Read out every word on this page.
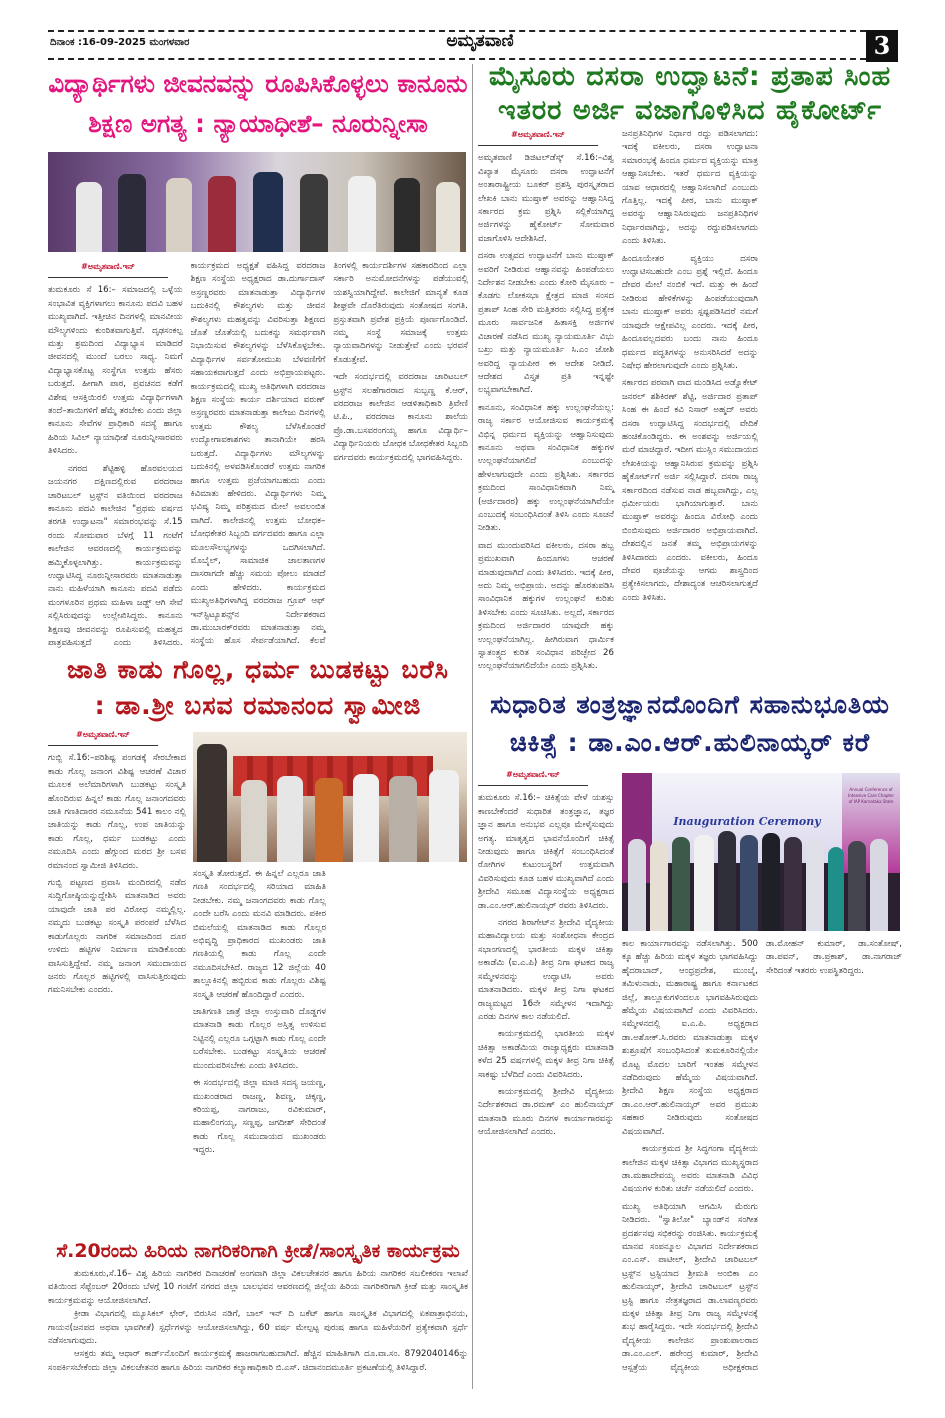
ದಿನಾಂಕ :16-09-2025 ಮಂಗಳವಾರ	ಅಮೃತವಾಣಿ	3
ವಿದ್ಯಾರ್ಥಿಗಳು ಜೀವನವನ್ನು ರೂಪಿಸಿಕೊಳ್ಳಲು ಕಾನೂನು
ಶಿಕ್ಷಣ ಅಗತ್ಯ : ನ್ಯಾಯಾಧೀಶೆ– ನೂರುನ್ನೀಸಾ
#ಅಮೃತವಾಣಿ.ಇನ್

ತುಮಕೂರು ಸೆ 16:– ಸಮಾಜದಲ್ಲಿ ಒಳ್ಳೆಯ ಸಂಭಾವಿತ ವ್ಯಕ್ತಿಗಳಾಗಲು ಕಾನೂನು ಪದವಿ ಬಹಳ ಮುಖ್ಯವಾಗಿದೆ. ಇತ್ತೀಚಿನ ದಿನಗಳಲ್ಲಿ ಮಾನವೀಯ ಮೌಲ್ಯಗಳಿಂದು ಕುಂಠಿತವಾಗುತ್ತಿವೆ. ದೃಢಸಂಕಲ್ಪ ಮತ್ತು ಶ್ರಮದಿಂದ ವಿದ್ಯಾಭ್ಯಾಸ ಮಾಡಿದರೆ ಜೀವನದಲ್ಲಿ ಮುಂದೆ ಬರಲು ಸಾಧ್ಯ. ನಿಮಗೆ ವಿದ್ಯಾಭ್ಯಾಸಕೊಟ್ಟ ಸಂಸ್ಥೆಗೂ ಉತ್ತಮ ಹೆಸರು ಬರುತ್ತದೆ. ಹೀಗಾಗಿ ಪಾಠ, ಪ್ರವಚನದ ಕಡೆಗೆ ವಿಶೇಷ ಆಸಕ್ತಿಯಿರಲಿ ಉತ್ತಮ ವಿದ್ಯಾರ್ಥಿಗಳಾಗಿ ತಂದೆ–ತಾಯಿಗಳಿಗೆ ಹೆಮ್ಮೆ ತರಬೇಕು ಎಂದು ಜಿಲ್ಲಾ ಕಾನೂನು ಸೇವೆಗಳ ಪ್ರಾಧಿಕಾರಿ ಸದಸ್ಯೆ ಹಾಗೂ ಹಿರಿಯ ಸಿವಿಲ್ ನ್ಯಾಯಾಧೀಶೆ ನೂರುನ್ನೀಸಾರವರು ತಿಳಿಸಿದರು.

ನಗರದ ಶೆಟ್ಟಿಹಳ್ಳಿ ಹೊರವಲಯದ ಜಯನಗರ ದಕ್ಷಿಣದಲ್ಲಿರುವ ವರದರಾಜ ಚಾರಿಟಬಲ್ ಟ್ರಸ್ಟ್‌ನ ವತಿಯಿಂದ ವರದರಾಜ ಕಾನೂನು ಪದವಿ ಕಾಲೇಜಿನ "ಪ್ರಥಮ ವರ್ಷದ ತರಗತಿ ಉದ್ಘಾಟನಾ" ಸಮಾರಂಭವನ್ನು ಸೆ.15 ರಂದು ಸೋಮವಾರ ಬೆಳಗ್ಗೆ 11 ಗಂಟೆಗೆ ಕಾಲೇಜಿನ ಆವರಣದಲ್ಲಿ ಕಾರ್ಯಕ್ರಮವನ್ನು ಹಮ್ಮಿಕೊಳ್ಳಲಾಗಿತ್ತು. ಕಾರ್ಯಕ್ರಮವನ್ನು ಉದ್ಘಾಟಿಸಿದ್ದ ನೂರುನ್ನೀಸಾರವರು ಮಾತನಾಡುತ್ತಾ ನಾನು ಮಹಿಳೆಯಾಗಿ ಕಾನೂನು ಪದವಿ ಪಡೆದು ಮಂಗಳೂರಿನ ಪ್ರಥಮ ಮಹಿಳಾ ಜಡ್ಜ್ ಆಗಿ ಸೇವೆ ಸಲ್ಲಿಸಿರುವುದನ್ನು ಉಲ್ಲೇಖಿಸಿದ್ದರು. ಕಾನೂನು ಶಿಕ್ಷಣವು ಜೀವನವನ್ನು ರೂಪಿಸುವಲ್ಲಿ ಮಹತ್ವದ ಪಾತ್ರವಹಿಸುತ್ತದೆ ಎಂದು ತಿಳಿಸಿದರು. ಕಾರ್ಯಕ್ರಮದ ಅಧ್ಯಕ್ಷತೆ ವಹಿಸಿದ್ದ ವರದರಾಜ ಶಿಕ್ಷಣ ಸಂಸ್ಥೆಯ ಅಧ್ಯಕ್ಷರಾದ ಡಾ.ದುರ್ಗಾದಾಸ್ ಅಸ್ರಣ್ಣರವರು ಮಾತನಾಡುತ್ತಾ ವಿದ್ಯಾರ್ಥಿಗಳ ಬದುಕಿನಲ್ಲಿ ಕೌಶಲ್ಯಗಳು ಮತ್ತು ಜೀವನ ಕೌಶಲ್ಯಗಳು ಮಹತ್ವವನ್ನು ವಿವರಿಸುತ್ತಾ ಶಿಕ್ಷಣದ ಜೊತೆ ಜೊತೆಯಲ್ಲಿ ಬದುಕನ್ನು ಸಮರ್ಥವಾಗಿ ನಿಭಾಯಿಸುವ ಕೌಶಲ್ಯಗಳನ್ನು ಬೆಳೆಸಿಕೊಳ್ಳಬೇಕು. ವಿದ್ಯಾರ್ಥಿಗಳ ಸರ್ವತೋಮುಖ ಬೆಳವಣಿಗೆಗೆ ಸಹಾಯಕವಾಗುತ್ತದೆ ಎಂದು ಅಭಿಪ್ರಾಯಪಟ್ಟರು. ಕಾರ್ಯಕ್ರಮದಲ್ಲಿ ಮುಖ್ಯ ಅತಿಥಿಗಳಾಗಿ ವರದರಾಜ ಶಿಕ್ಷಣ ಸಂಸ್ಥೆಯ ಕಾರ್ಯ ದರ್ಶಿಯಾದ ವರುಣ್ ಅಸ್ರಣ್ಣರವರು ಮಾತನಾಡುತ್ತಾ ಕಾಲೇಜು ದಿನಗಳಲ್ಲಿ ಉತ್ತಮ ಕೌಶಲ್ಯ ಬೆಳೆಸಿಕೊಂಡರೆ ಉದ್ಯೋಗಾವಕಾಶಗಳು ತಾನಾಗಿಯೇ ಹರಸಿ ಬರುತ್ತದೆ. ವಿದ್ಯಾರ್ಥಿಗಳು ಮೌಲ್ಯಗಳನ್ನು ಬದುಕಿನಲ್ಲಿ ಅಳವಡಿಸಿಕೊಂಡರೆ ಉತ್ತಮ ನಾಗರಿಕ ಹಾಗೂ ಉತ್ತಮ ಪ್ರಜೆಯಾಗಬಹುದು ಎಂದು ಕಿವಿಮಾತು ಹೇಳಿದರು. ವಿದ್ಯಾರ್ಥಿಗಳು ನಿಮ್ಮ ಭವಿಷ್ಯ ನಿಮ್ಮ ಪರಿಶ್ರಮದ ಮೇಲೆ ಅವಲಂಬಿತ ವಾಗಿದೆ. ಕಾಲೇಜಿನಲ್ಲಿ ಉತ್ತಮ ಬೋಧಕ–ಬೋಧಕೇತರ ಸಿಬ್ಬಂದಿ ವರ್ಗದವರು ಹಾಗೂ ಎಲ್ಲಾ ಮೂಲಸೌಲಭ್ಯಗಳನ್ನು ಒದಗಿಸಲಾಗಿದೆ. ಮೊಬೈಲ್, ಸಾಮಾಜಿಕ ಜಾಲತಾಣಗಳ ದಾಸರಾಗದೇ ಹೆಚ್ಚು ಸಮಯ ಪೋಲು ಮಾಡದೆ ಎಂದು ಹೇಳಿದರು. ಕಾರ್ಯಕ್ರಮದ ಮುಖ್ಯಅತಿಥಿಗಳಾಗಿದ್ದ ವರದರಾಜ ಗ್ರೂಪ್ ಆಫ್ ಇನ್‌ಸ್ಟಿಟ್ಯೂಶನ್ಸ್‌ನ ನಿರ್ದೇಶಕರಾದ ಡಾ.ಮುಬಾರಕ್‌ರವರು ಮಾತನಾಡುತ್ತಾ ನಮ್ಮ ಸಂಸ್ಥೆಯ ಹೊಸ ಸೇರ್ಪಡೆಯಾಗಿದೆ. ಕೆಲವೆ ತಿಂಗಳಲ್ಲಿ ಕಾರ್ಯದರ್ಶಿಗಳ ಸಹಕಾರದಿಂದ ಎಲ್ಲಾ ಸರ್ಕಾರಿ ಅನುಮೋದನೆಗಳನ್ನು ಪಡೆಯುವಲ್ಲಿ ಯಶಸ್ವಿಯಾಗಿದ್ದೇವೆ. ಕಾಲೇಜಿಗೆ ಮಾನ್ಯತೆ ಕೂಡ ಶೀಘ್ರವೇ ದೊರೆತಿರುವುದು ಸಂತೋಷದ ಸಂಗತಿ. ಪ್ರಸ್ತುತವಾಗಿ ಪ್ರವೇಶ ಪ್ರಕ್ರಿಯೆ ಪೂರ್ಣಗೊಂಡಿದೆ. ನಮ್ಮ ಸಂಸ್ಥೆ ಸಮಾಜಕ್ಕೆ ಉತ್ತಮ ನ್ಯಾಯವಾದಿಗಳನ್ನು ನೀಡುತ್ತೇವೆ ಎಂದು ಭರವಸೆ ಕೊಡುತ್ತೇವೆ.

ಇದೇ ಸಂದರ್ಭದಲ್ಲಿ ವರದರಾಜ ಚಾರಿಟಬಲ್ ಟ್ರಸ್ಟ್‌ನ ಸಲಹೆಗಾರರಾದ ಸುಬ್ಬಣ್ಣ ಕೆ.ಆರ್, ವರದರಾಜ ಕಾಲೇಜಿನ ಆಡಳಿತಾಧಿಕಾರಿ ತ್ರಿವೇಣಿ ಟಿ.ಪಿ., ವರದರಾಜ ಕಾನೂನು ಶಾಲೆಯ ಪ್ರೊ.ಡಾ.ಬಸವರಂಗಯ್ಯ ಹಾಗೂ ವಿದ್ಯಾರ್ಥಿ– ವಿದ್ಯಾರ್ಥಿನಿಯರು ಬೋಧಕ ಬೋಧಕೇತರ ಸಿಬ್ಬಂದಿ ವರ್ಗದವರು ಕಾರ್ಯಕ್ರಮದಲ್ಲಿ ಭಾಗವಹಿಸಿದ್ದರು.

ಜಾತಿ ಕಾಡು ಗೊಲ್ಲ, ಧರ್ಮ ಬುಡಕಟ್ಟು ಬರೆಸಿ
: ಡಾ.ಶ್ರೀ ಬಸವ ರಮಾನಂದ ಸ್ವಾಮೀಜಿ
#ಅಮೃತವಾಣಿ.ಇನ್

ಗುಬ್ಬಿ ಸೆ.16:–ಪರಿಶಿಷ್ಟ ಪಂಗಡಕ್ಕೆ ಸೇರಬೇಕಾದ ಕಾಡು ಗೊಲ್ಲ ಜನಾಂಗ ವಿಶಿಷ್ಟ ಆಚರಣೆ ವಿಚಾರ ಮೂಲಕ ಅಲೆಮಾರಿಗಳಾಗಿ ಬುಡಕಟ್ಟು ಸಂಸ್ಕೃತಿ ಹೊಂದಿರುವ ಹಿನ್ನಲೆ ಕಾಡು ಗೊಲ್ಲ ಜನಾಂಗದವರು ಜಾತಿ ಗಣತಿದಾರರ ನಮೂನೆಯ 541 ಕಾಲಂ ನಲ್ಲಿ ಜಾತಿಯನ್ನು ಕಾಡು ಗೊಲ್ಲ, ಉಪ ಜಾತಿಯನ್ನು ಕಾಡು ಗೊಲ್ಲ, ಧರ್ಮ ಬುಡಕಟ್ಟು ಎಂದು ನಮೂದಿಸಿ ಎಂದು ಹೆಗ್ಗುಂದ ಮಠದ ಶ್ರೀ ಬಸವ ರಮಾನಂದ ಸ್ವಾಮೀಜಿ ತಿಳಿಸಿದರು.

ಗುಬ್ಬಿ ಪಟ್ಟಣದ ಪ್ರವಾಸಿ ಮಂದಿರದಲ್ಲಿ ನಡೆದ ಸುದ್ದಿಗೋಷ್ಠಿಯನ್ನುದ್ದೇಶಿಸಿ ಮಾತನಾಡಿದ ಅವರು ಯಾವುದೇ ಜಾತಿ ಪರ ವಿರೋಧ ನಮ್ಮಲ್ಲಿಲ್ಲ. ನಮ್ಮದು ಬುಡಕಟ್ಟು ಸಂಸ್ಕೃತಿ ಪರಂಪರೆ ಬೆಳೆಸಿದ ಕಾಡುಗೊಲ್ಲರು ನಾಗರಿಕ ಸಮಾಜದಿಂದ ದೂರ ಉಳಿದು ಹಟ್ಟಿಗಳ ನಿರ್ಮಾಣ ಮಾಡಿಕೊಂಡು ವಾಸಿಸುತ್ತಿದ್ದೇವೆ. ನಮ್ಮ ಜನಾಂಗ ಸಮುದಾಯದ ಜನರು ಗೊಲ್ಲರ ಹಟ್ಟಿಗಳಲ್ಲಿ ವಾಸಿಸುತ್ತಿರುವುದು ಗಮನಿಸಬೇಕು ಎಂದರು.

ಸಂಸ್ಕೃತಿ ತೋರುತ್ತದೆ. ಈ ಹಿನ್ನಲೆ ಎಲ್ಲರೂ ಜಾತಿ ಗಣತಿ ಸಂದರ್ಭದಲ್ಲಿ ಸರಿಯಾದ ಮಾಹಿತಿ ನೀಡಬೇಕು. ನಮ್ಮ ಜನಾಂಗದವರು ಕಾಡು ಗೊಲ್ಲ ಎಂದೇ ಬರೆಸಿ ಎಂದು ಮನವಿ ಮಾಡಿದರು. ಪಕೀರ ಬಿಮಲೆಯಲ್ಲಿ ಮಾತನಾಡಿದ ಕಾಡು ಗೊಲ್ಲರ ಅಭಿವೃದ್ಧಿ ಪ್ರಾಧಿಕಾರದ ಮುಖಂಡರು ಜಾತಿ ಗಣತಿಯಲ್ಲಿ ಕಾಡು ಗೊಲ್ಲ ಎಂದೇ ನಮೂದಿಸಬೇಕಿದೆ. ರಾಜ್ಯದ 12 ಜಿಲ್ಲೆಯ 40 ತಾಲ್ಲೂಕಿನಲ್ಲಿ ಹಬ್ಬಿರುವ ಕಾಡು ಗೊಲ್ಲರು ವಿಶಿಷ್ಟ ಸಂಸ್ಕೃತಿ ಆಚರಣೆ ಹೊಂದಿದ್ದಾರೆ ಎಂದರು.

ಜಾತಿಗಣತಿ ಜಾತ್ರೆ ಜಿಲ್ಲಾ ಉಸ್ತುವಾರಿ ದೊಡ್ಡಗಳ ಮಾತನಾಡಿ ಕಾಡು ಗೊಲ್ಲರ ಅಸ್ತಿತ್ವ ಉಳಿಸುವ ನಿಟ್ಟಿನಲ್ಲಿ ಎಲ್ಲರೂ ಒಗ್ಗಟ್ಟಾಗಿ ಕಾಡು ಗೊಲ್ಲ ಎಂದೇ ಬರೆಸಬೇಕು. ಬುಡಕಟ್ಟು ಸಂಸ್ಕೃತಿಯ ಆಚರಣೆ ಮುಂದುವರಿಸಬೇಕು ಎಂದು ತಿಳಿಸಿದರು.

ಈ ಸಂದರ್ಭದಲ್ಲಿ ಜಿಲ್ಲಾ ಮಾಜಿ ಸದಸ್ಯ ಜಯಣ್ಣ, ಮುಖಂಡರಾದ ರಾಜಣ್ಣ, ಶಿವಣ್ಣ, ಚಿಕ್ಕಣ್ಣ, ಕರಿಯಪ್ಪ, ನಾಗರಾಜು, ರವಿಕುಮಾರ್, ಮಹಾಲಿಂಗಯ್ಯ, ಸಣ್ಣಪ್ಪ, ಜಗದೀಶ್ ಸೇರಿದಂತೆ ಕಾಡು ಗೊಲ್ಲ ಸಮುದಾಯದ ಮುಖಂಡರು ಇದ್ದರು.

ಸೆ.20ರಂದು ಹಿರಿಯ ನಾಗರಿಕರಿಗಾಗಿ ಕ್ರೀಡೆ/ಸಾಂಸ್ಕೃತಿಕ ಕಾರ್ಯಕ್ರಮ

ತುಮಕೂರು,ಸೆ.16– ವಿಶ್ವ ಹಿರಿಯ ನಾಗರಿಕರ ದಿನಾಚರಣೆ ಅಂಗವಾಗಿ ಜಿಲ್ಲಾ ವಿಕಲಚೇತನರ ಹಾಗೂ ಹಿರಿಯ ನಾಗರಿಕರ ಸಬಲೀಕರಣ ಇಲಾಖೆ ವತಿಯಿಂದ ಸೆಪ್ಟೆಂಬರ್ 20ರಂದು ಬೆಳಗ್ಗೆ 10 ಗಂಟೆಗೆ ನಗರದ ಜಿಲ್ಲಾ ಬಾಲಭವನ ಆವರಣದಲ್ಲಿ ಜಿಲ್ಲೆಯ ಹಿರಿಯ ನಾಗರಿಕರಿಗಾಗಿ ಕ್ರೀಡೆ ಮತ್ತು ಸಾಂಸ್ಕೃತಿಕ ಕಾರ್ಯಕ್ರಮವನ್ನು ಆಯೋಜಿಸಲಾಗಿದೆ.

ಕ್ರೀಡಾ ವಿಭಾಗದಲ್ಲಿ ಮ್ಯೂಸಿಕಲ್ ಛೇರ್, ಬಿರುಸಿನ ನಡಿಗೆ, ಬಾಲ್ ಇನ್ ದಿ ಬಕೆಟ್ ಹಾಗೂ ಸಾಂಸ್ಕೃತಿಕ ವಿಭಾಗದಲ್ಲಿ ಏಕಪಾತ್ರಾಭಿನಯ, ಗಾಯನ(ಜನಪದ ಅಥವಾ ಭಾವಗೀತೆ) ಸ್ಪರ್ಧೆಗಳನ್ನು ಆಯೋಜಿಸಲಾಗಿದ್ದು, 60 ವರ್ಷ ಮೇಲ್ಪಟ್ಟ ಪುರುಷ ಹಾಗೂ ಮಹಿಳೆಯರಿಗೆ ಪ್ರತ್ಯೇಕವಾಗಿ ಸ್ಪರ್ಧೆ ನಡೆಸಲಾಗುವುದು.

ಆಸಕ್ತರು ತಮ್ಮ ಆಧಾರ್ ಕಾರ್ಡ್‌ನೊಂದಿಗೆ ಕಾರ್ಯಕ್ರಮಕ್ಕೆ ಹಾಜರಾಗಬಹುದಾಗಿದೆ. ಹೆಚ್ಚಿನ ಮಾಹಿತಿಗಾಗಿ ದೂ.ವಾ.ಸಂ. 8792040146ನ್ನು ಸಂಪರ್ಕಿಸಬೇಕೆಂದು ಜಿಲ್ಲಾ ವಿಕಲಚೇತನರ ಹಾಗೂ ಹಿರಿಯ ನಾಗರಿಕರ ಕಲ್ಯಾಣಾಧಿಕಾರಿ ಬಿ.ಎಸ್. ಚಿದಾನಂದಮೂರ್ತಿ ಪ್ರಕಟಣೆಯಲ್ಲಿ ತಿಳಿಸಿದ್ದಾರೆ.

ಮೈಸೂರು ದಸರಾ ಉದ್ಘಾಟನೆ: ಪ್ರತಾಪ ಸಿಂಹ
ಇತರರ ಅರ್ಜಿ ವಜಾಗೊಳಿಸಿದ ಹೈಕೋರ್ಟ್
#ಅಮೃತವಾಣಿ.ಇನ್

ಅಮೃತವಾಣಿ ಡಿಜಿಟಲ್‌ಡೆಸ್ಕ್ ಸೆ.16:–ವಿಶ್ವ ವಿಖ್ಯಾತ ಮೈಸೂರು ದಸರಾ ಉದ್ಘಾಟನೆಗೆ ಅಂತಾರಾಷ್ಟ್ರೀಯ ಬೂಕರ್ ಪ್ರಶಸ್ತಿ ಪುರಸ್ಕೃತರಾದ ಲೇಖಕಿ ಬಾನು ಮುಷ್ತಾಕ್ ಅವರನ್ನು ಆಹ್ವಾನಿಸಿದ್ದ ಸರ್ಕಾರದ ಕ್ರಮ ಪ್ರಶ್ನಿಸಿ ಸಲ್ಲಿಕೆಯಾಗಿದ್ದ ಅರ್ಜಿಗಳನ್ನು ಹೈಕೋರ್ಟ್ ಸೋಮವಾರ ವಜಾಗೊಳಿಸಿ ಆದೇಶಿಸಿದೆ.

ದಸರಾ ಉತ್ಸವದ ಉದ್ಘಾಟನೆಗೆ ಬಾನು ಮುಷ್ತಾಕ್ ಅವರಿಗೆ ನೀಡಿರುವ ಆಹ್ವಾನವನ್ನು ಹಿಂಪಡೆಯಲು ನಿರ್ದೇಶನ ನೀಡಬೇಕು ಎಂದು ಕೋರಿ ಮೈಸೂರು – ಕೊಡಗು ಲೋಕಸಭಾ ಕ್ಷೇತ್ರದ ಮಾಜಿ ಸಂಸದ ಪ್ರತಾಪ್ ಸಿಂಹ ಸೇರಿ ಮತ್ತಿತರರು ಸಲ್ಲಿಸಿದ್ದ ಪ್ರತ್ಯೇಕ ಮೂರು ಸಾರ್ವಜನಿಕ ಹಿತಾಸಕ್ತಿ ಅರ್ಜಿಗಳ ವಿಚಾರಣೆ ನಡೆಸಿದ ಮುಖ್ಯ ನ್ಯಾಯಮೂರ್ತಿ ವಿಭು ಬಖ್ರು ಮತ್ತು ನ್ಯಾಯಮೂರ್ತಿ ಸಿ.ಎಂ ಜೋಶಿ ಅವರಿದ್ದ ನ್ಯಾಯಪೀಠ ಈ ಆದೇಶ ನೀಡಿದೆ. ಆದೇಶದ ವಿಸ್ತೃತ ಪ್ರತಿ ಇನ್ನಷ್ಟೇ ಲಭ್ಯವಾಗಬೇಕಾಗಿದೆ.

ಕಾನೂನು, ಸಂವಿಧಾನಿಕ ಹಕ್ಕು ಉಲ್ಲಂಘನೆಯಲ್ಲ: ರಾಜ್ಯ ಸರ್ಕಾರ ಆಯೋಜಿಸುವ ಕಾರ್ಯಕ್ರಮಕ್ಕೆ ವಿಭಿನ್ನ ಧರ್ಮದ ವ್ಯಕ್ತಿಯನ್ನು ಆಹ್ವಾನಿಸುವುದು ಕಾನೂನು ಅಥವಾ ಸಂವಿಧಾನಿಕ ಹಕ್ಕುಗಳ ಉಲ್ಲಂಘನೆಯಾಗಲಿದೆ ಎಂಬುದನ್ನು ಹೇಳಲಾಗುವುದೇ ಎಂದು ಪ್ರಶ್ನಿಸಿತು. ಸರ್ಕಾರದ ಕ್ರಮದಿಂದ ಸಾಂವಿಧಾನಿಕವಾಗಿ ನಿಮ್ಮ (ಅರ್ಜಿದಾರರ) ಹಕ್ಕು ಉಲ್ಲಂಘನೆಯಾಗಿವೆಯೇ ಎಂಬುದಕ್ಕೆ ಸಂಬಂಧಿಸಿದಂತೆ ತಿಳಿಸಿ ಎಂದು ಸೂಚನೆ ನೀಡಿತು.

ವಾದ ಮುಂದುವರಿಸಿದ ವಕೀಲರು, ದಸರಾ ಹಬ್ಬ ಪ್ರಮುಖವಾಗಿ ಹಿಂದೂಗಳು ಆಚರಣೆ ಮಾಡುವುದಾಗಿದೆ ಎಂದು ತಿಳಿಸಿದರು. ಇದಕ್ಕೆ ಪೀಠ, ಅದು ನಿಮ್ಮ ಅಭಿಪ್ರಾಯ. ಅದನ್ನು ಹೊರತುಪಡಿಸಿ ಸಾಂವಿಧಾನಿಕ ಹಕ್ಕುಗಳ ಉಲ್ಲಂಘನೆ ಕುರಿತು ತಿಳಿಸಬೇಕು ಎಂದು ಸೂಚಿಸಿತು. ಅಲ್ಲದೆ, ಸರ್ಕಾರದ ಕ್ರಮದಿಂದ ಅರ್ಜಿದಾರರ ಯಾವುದೇ ಹಕ್ಕು ಉಲ್ಲಂಘನೆಯಾಗಿಲ್ಲ. ಹೀಗಿರುವಾಗ ಧಾರ್ಮಿಕ ಸ್ವಾತಂತ್ರ್ಯದ ಕುರಿತ ಸಂವಿಧಾನ ಪರಿಚ್ಛೇದ 26 ಉಲ್ಲಂಘನೆಯಾಗಲಿದೆಯೇ ಎಂದು ಪ್ರಶ್ನಿಸಿತು.

ಜನಪ್ರತಿನಿಧಿಗಳ ನಿರ್ಧಾರ ರದ್ದು ಪಡಿಸಲಾಗದು: ಇದಕ್ಕೆ ವಕೀಲರು, ದಸರಾ ಉದ್ಘಾಟನಾ ಸಮಾರಂಭಕ್ಕೆ ಹಿಂದೂ ಧರ್ಮದ ವ್ಯಕ್ತಿಯನ್ನು ಮಾತ್ರ ಆಹ್ವಾನಿಸಬೇಕು. ಇತರೆ ಧರ್ಮದ ವ್ಯಕ್ತಿಯನ್ನು ಯಾವ ಆಧಾರದಲ್ಲಿ ಆಹ್ವಾನಿಸಲಾಗಿದೆ ಎಂಬುದು ಗೊತ್ತಿಲ್ಲ. ಇದಕ್ಕೆ ಪೀಠ, ಬಾನು ಮುಷ್ತಾಕ್ ಅವರನ್ನು ಆಹ್ವಾನಿಸಿರುವುದು ಜನಪ್ರತಿನಿಧಿಗಳ ನಿರ್ಧಾರವಾಗಿದ್ದು, ಅದನ್ನು ರದ್ದುಪಡಿಸಲಾಗದು ಎಂದು ತಿಳಿಸಿತು.

ಹಿಂದೂಯೇತರ ವ್ಯಕ್ತಿಯು ದಸರಾ ಉದ್ಘಾಟಿಸಬಹುದೇ ಎಂಬ ಪ್ರಶ್ನೆ ಇಲ್ಲಿದೆ. ಹಿಂದೂ ದೇವರ ಮೇಲೆ ನಂಬಿಕೆ ಇದೆ. ಮತ್ತು ಈ ಹಿಂದೆ ನೀಡಿರುವ ಹೇಳಿಕೆಗಳನ್ನು ಹಿಂಪಡೆಯುವುದಾಗಿ ಬಾನು ಮುಷ್ತಾಕ್ ಅವರು ಸ್ಪಷ್ಟಪಡಿಸಿದರೆ ನಮಗೆ ಯಾವುದೇ ಆಕ್ಷೇಪವಿಲ್ಲ ಎಂದರು. ಇದಕ್ಕೆ ಪೀಠ, ಹಿಂದೂವಲ್ಲದವರು ಬಂದು ನಾನು ಹಿಂದೂ ಧರ್ಮದ ಪದ್ಧತಿಗಳನ್ನು ಅನುಸರಿಸಿದರೆ ಅದನ್ನು ನಿಷೇಧ ಹೇರಲಾಗುವುದೇ ಎಂದು ಪ್ರಶ್ನಿಸಿತು.

ಸರ್ಕಾರದ ಪರವಾಗಿ ವಾದ ಮಂಡಿಸಿದ ಅಡ್ವೊಕೇಟ್ ಜನರಲ್ ಶಶಿಕಿರಣ್ ಶೆಟ್ಟಿ, ಅರ್ಜಿದಾರ ಪ್ರತಾಪ್ ಸಿಂಹ ಈ ಹಿಂದೆ ಕವಿ ನಿಸಾರ್ ಅಹ್ಮದ್ ಅವರು ದಸರಾ ಉದ್ಘಾಟಿಸಿದ್ದ ಸಂದರ್ಭದಲ್ಲಿ ವೇದಿಕೆ ಹಂಚಿಕೊಂಡಿದ್ದರು. ಈ ಅಂಶವನ್ನು ಅರ್ಜಿಯಲ್ಲಿ ಮರೆ ಮಾಚಿದ್ದಾರೆ. ಇದೀಗ ಮುಸ್ಲಿಂ ಸಮುದಾಯದ ಲೇಖಕಿಯನ್ನು ಆಹ್ವಾನಿಸಿರುವ ಕ್ರಮವನ್ನು ಪ್ರಶ್ನಿಸಿ ಹೈಕೋರ್ಟ್‌ಗೆ ಅರ್ಜಿ ಸಲ್ಲಿಸಿದ್ದಾರೆ. ದಸರಾ ರಾಜ್ಯ ಸರ್ಕಾರದಿಂದ ನಡೆಸುವ ನಾಡ ಹಬ್ಬವಾಗಿದ್ದು, ಎಲ್ಲ ಧರ್ಮೀಯರು ಭಾಗಿಯಾಗುತ್ತಾರೆ. ಬಾನು ಮುಷ್ತಾಕ್ ಅವರನ್ನು ಹಿಂದೂ ವಿರೋಧಿ ಎಂದು ಬಿಂಬಿಸುವುದು ಅರ್ಜಿದಾರರ ಅಭಿಪ್ರಾಯವಾಗಿದೆ. ದೇಶದಲ್ಲಿನ ಜನತೆ ತಮ್ಮ ಅಭಿಪ್ರಾಯಗಳನ್ನು ತಿಳಿಸಿದಾರದು ಎಂದರು. ವಕೀಲರು, ಹಿಂದೂ ದೇವರ ಪೂಜೆಯನ್ನು ಆಗಮ ಶಾಸ್ತ್ರದಿಂದ ಪ್ರತ್ಯೇಕಿಸಲಾಗದು, ದೇಶಾದ್ಯಂತ ಆಚರಿಸಲಾಗುತ್ತದೆ ಎಂದು ತಿಳಿಸಿತು.

ಸುಧಾರಿತ ತಂತ್ರಜ್ಞಾನದೊಂದಿಗೆ ಸಹಾನುಭೂತಿಯ
ಚಿಕಿತ್ಸೆ : ಡಾ.ಎಂ.ಆರ್.ಹುಲಿನಾಯ್ಕರ್ ಕರೆ
#ಅಮೃತವಾಣಿ.ಇನ್

ತುಮಕೂರು ಸೆ.16:– ಚಿಕಿತ್ಸೆಯ ವೇಳೆ ಯಶಸ್ಸು ಕಾಣಬೇಕೆಂದರೆ ಸುಧಾರಿತ ತಂತ್ರಜ್ಞಾನ, ತಜ್ಞರ ಜ್ಞಾನ ಹಾಗೂ ಅನುಭವ ಎಲ್ಲವೂ ಮೇಳೈಸುವುದು ಅಗತ್ಯ. ಮಾತೃತ್ವದ ಭಾವನೆಯೊಂದಿಗೆ ಚಿಕಿತ್ಸೆ ನೀಡುವುದು ಹಾಗೂ ಚಿಕಿತ್ಸೆಗೆ ಸಂಬಂಧಿಸಿದಂತೆ ರೋಗಿಗಳ ಕುಟುಂಬಸ್ಥರಿಗೆ ಉತ್ತಮವಾಗಿ ವಿವರಿಸುವುದು ಕೂಡ ಬಹಳ ಮುಖ್ಯವಾಗಿದೆ ಎಂದು ಶ್ರೀದೇವಿ ಸಮೂಹ ವಿದ್ಯಾಸಂಸ್ಥೆಯ ಅಧ್ಯಕ್ಷರಾದ ಡಾ.ಎಂ.ಆರ್.ಹುಲಿನಾಯ್ಕರ್ ರವರು ತಿಳಿಸಿದರು.

ನಗರದ ಶಿರಾಗೇಟ್‌ನ ಶ್ರೀದೇವಿ ವೈದ್ಯಕೀಯ ಮಹಾವಿದ್ಯಾಲಯ ಮತ್ತು ಸಂಶೋಧನಾ ಕೇಂದ್ರದ ಸಭಾಂಗಣದಲ್ಲಿ ಭಾರತೀಯ ಮಕ್ಕಳ ಚಿಕಿತ್ಸಾ ಅಕಾಡೆಮಿ (ಐ.ಎ.ಪಿ) ತೀವ್ರ ನಿಗಾ ಘಟಕದ ರಾಜ್ಯ ಸಮ್ಮೇಳನವನ್ನು ಉದ್ಘಾಟಿಸಿ ಅವರು ಮಾತನಾಡಿದರು. ಮಕ್ಕಳ ತೀವ್ರ ನಿಗಾ ಘಟಕದ ರಾಜ್ಯಮಟ್ಟದ 16ನೇ ಸಮ್ಮೇಳನ ಇದಾಗಿದ್ದು ಎರಡು ದಿನಗಳ ಕಾಲ ನಡೆಯಲಿದೆ.

ಕಾರ್ಯಕ್ರಮದಲ್ಲಿ ಭಾರತೀಯ ಮಕ್ಕಳ ಚಿಕಿತ್ಸಾ ಅಕಾಡೆಮಿಯ ರಾಜ್ಯಾಧ್ಯಕ್ಷರು ಮಾತನಾಡಿ ಕಳೆದ 25 ವರ್ಷಗಳಲ್ಲಿ ಮಕ್ಕಳ ತೀವ್ರ ನಿಗಾ ಚಿಕಿತ್ಸೆ ಸಾಕಷ್ಟು ಬೆಳೆದಿದೆ ಎಂದು ವಿವರಿಸಿದರು.

ಕಾರ್ಯಕ್ರಮದಲ್ಲಿ ಶ್ರೀದೇವಿ ವೈದ್ಯಕೀಯ ನಿರ್ದೇಶಕರಾದ ಡಾ.ರಮಣ್ ಎಂ ಹುಲಿನಾಯ್ಕರ್ ಮಾತನಾಡಿ ಮೂರು ದಿನಗಳ ಕಾರ್ಯಾಗಾರವನ್ನು ಆಯೋಜಿಸಲಾಗಿದೆ ಎಂದರು.

Annual Conference of Intensive Care Chapter of IAP Karnataka State
Inauguration Ceremony

ಕಾಲ ಕಾರ್ಯಾಗಾರವನ್ನು ನಡೆಸಲಾಗಿತ್ತು. 500 ಕ್ಕೂ ಹೆಚ್ಚು ಹಿರಿಯ ಮಕ್ಕಳ ತಜ್ಞರು ಭಾಗವಹಿಸಿದ್ದು ಹೈದರಾಬಾದ್, ಆಂಧ್ರಪ್ರದೇಶ, ಮುಂಬೈ, ತಮಿಳುನಾಡು, ಮಹಾರಾಷ್ಟ್ರ ಹಾಗೂ ಕರ್ನಾಟಕದ ಜಿಲ್ಲೆ, ತಾಲ್ಲೂಕುಗಳಿಂದಲೂ ಭಾಗವಹಿಸಿರುವುದು ಹೆಮ್ಮೆಯ ವಿಷಯವಾಗಿದೆ ಎಂದು ವಿವರಿಸಿದರು. ಸಮ್ಮೇಳನದಲ್ಲಿ ಐ.ಎ.ಪಿ. ಅಧ್ಯಕ್ಷರಾದ ಡಾ.ಅಶೋಕ್.ಸಿ.ರವರು ಮಾತನಾಡುತ್ತಾ ಮಕ್ಕಳ ಶುಶ್ರೂಷೆಗೆ ಸಂಬಂಧಿಸಿದಂತೆ ತುಮಕೂರಿನಲ್ಲಿಯೇ ಮೊಟ್ಟ ಮೊದಲ ಬಾರಿಗೆ ಇಂತಹ ಸಮ್ಮೇಳನ ನಡೆದಿರುವುದು ಹೆಮ್ಮೆಯ ವಿಷಯವಾಗಿದೆ. ಶ್ರೀದೇವಿ ಶಿಕ್ಷಣ ಸಂಸ್ಥೆಯ ಅಧ್ಯಕ್ಷರಾದ ಡಾ.ಎಂ.ಆರ್.ಹುಲಿನಾಯ್ಕರ್ ಅವರ ಪ್ರಮುಖ ಸಹಕಾರ ನೀಡಿರುವುದು ಸಂತೋಷದ ವಿಷಯವಾಗಿದೆ.

ಕಾರ್ಯಕ್ರಮದ ಶ್ರೀ ಸಿದ್ಧಗಂಗಾ ವೈದ್ಯಕೀಯ ಕಾಲೇಜಿನ ಮಕ್ಕಳ ಚಿಕಿತ್ಸಾ ವಿಭಾಗದ ಮುಖ್ಯಸ್ಥರಾದ ಡಾ.ಮಹಾದೇವಯ್ಯ ಅವರು ಮಾತನಾಡಿ ವಿವಿಧ ವಿಷಯಗಳ ಕುರಿತು ಚರ್ಚೆ ನಡೆಯಲಿದೆ ಎಂದರು.

ಮುಖ್ಯ ಅತಿಥಿಯಾಗಿ ಆಗಮಿಸಿ ಮೆರುಗು ನೀಡಿದರು. "ಸ್ವಾತಿಲೋ" ಬ್ಯಾಂಡ್‌ನ ಸಂಗೀತ ಪ್ರದರ್ಶನವು ಸಭಿಕರನ್ನು ರಂಜಿಸಿತು. ಕಾರ್ಯಕ್ರಮಕ್ಕೆ ಮಾನವ ಸಂಪನ್ಮೂಲ ವಿಭಾಗದ ನಿರ್ದೇಶಕರಾದ ಎಂ.ಎಸ್. ಪಾಟೀಲ್, ಶ್ರೀದೇವಿ ಚಾರಿಟಬಲ್ ಟ್ರಸ್ಟ್‌ನ ಟ್ರಸ್ಟಿಯಾದ ಶ್ರೀಮತಿ ಅಂಬಿಕಾ ಎಂ ಹುಲಿನಾಯ್ಕರ್, ಶ್ರೀದೇವಿ ಚಾರಿಟಬಲ್ ಟ್ರಸ್ಟ್‌ನ ಟ್ರಸ್ಟಿ ಹಾಗೂ ನೇತ್ರತಜ್ಞರಾದ ಡಾ.ಲಾವಣ್ಯರವರು ಮಕ್ಕಳ ಚಿಕಿತ್ಸಾ ತೀವ್ರ ನಿಗಾ ರಾಜ್ಯ ಸಮ್ಮೇಳನಕ್ಕೆ ಶುಭ ಹಾರೈಸಿದ್ದರು. ಇದೇ ಸಂದರ್ಭದಲ್ಲಿ ಶ್ರೀದೇವಿ ವೈದ್ಯಕೀಯ ಕಾಲೇಜಿನ ಪ್ರಾಂಶುಪಾಲರಾದ ಡಾ.ಎಂ.ಎಲ್. ಹರೇಂದ್ರ ಕುಮಾರ್, ಶ್ರೀದೇವಿ ಆಸ್ಪತ್ರೆಯ ವೈದ್ಯಕೀಯ ಅಧೀಕ್ಷಕರಾದ ಡಾ.ಮೋಹನ್ ಕುಮಾರ್, ಡಾ.ಸಂತೋಷ್, ಡಾ.ಪವನ್, ಡಾ.ಪ್ರಕಾಶ್, ಡಾ.ನಾಗರಾಜ್ ಸೇರಿದಂತೆ ಇತರರು ಉಪಸ್ಥಿತರಿದ್ದರು.
